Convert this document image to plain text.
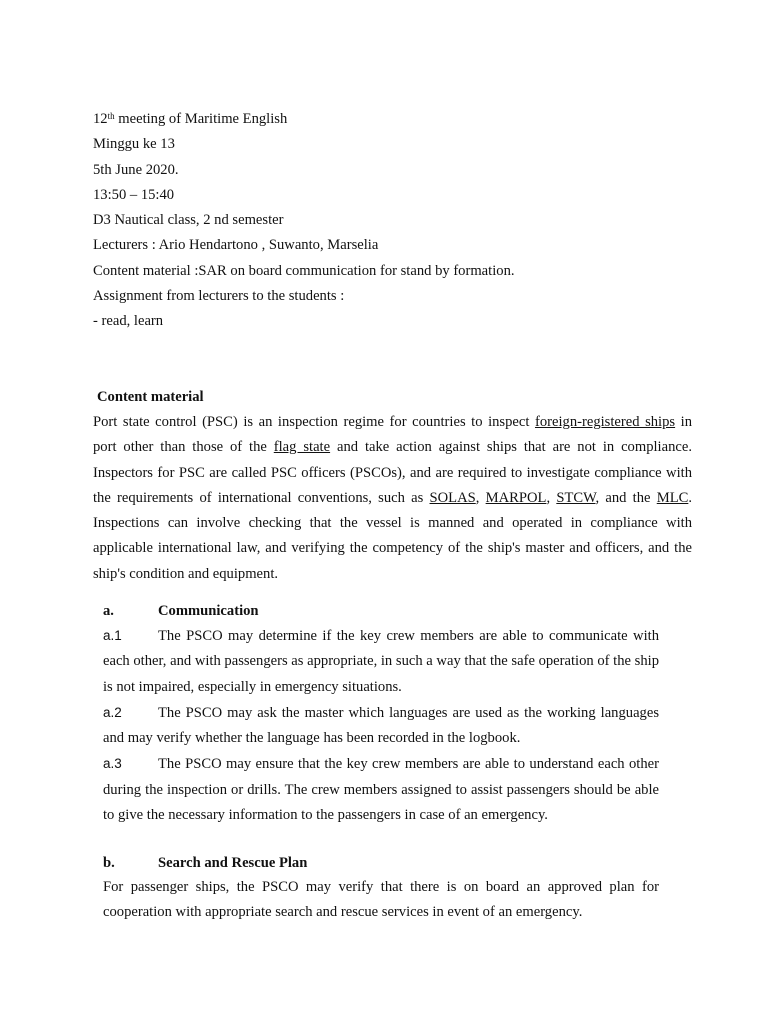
12th meeting of Maritime English
Minggu ke 13
5th June 2020.
13:50 – 15:40
D3 Nautical class, 2 nd semester
Lecturers : Ario Hendartono , Suwanto, Marselia
Content material :SAR on board communication for stand by formation.
Assignment from lecturers to the students :
- read, learn
Content material

Port state control (PSC) is an inspection regime for countries to inspect foreign-registered ships in port other than those of the flag state and take action against ships that are not in compliance. Inspectors for PSC are called PSC officers (PSCOs), and are required to investigate compliance with the requirements of international conventions, such as SOLAS, MARPOL, STCW, and the MLC. Inspections can involve checking that the vessel is manned and operated in compliance with applicable international law, and verifying the competency of the ship's master and officers, and the ship's condition and equipment.

a.	Communication

a.1 The PSCO may determine if the key crew members are able to communicate with each other, and with passengers as appropriate, in such a way that the safe operation of the ship is not impaired, especially in emergency situations.

a.2 The PSCO may ask the master which languages are used as the working languages and may verify whether the language has been recorded in the logbook.

a.3 The PSCO may ensure that the key crew members are able to understand each other during the inspection or drills. The crew members assigned to assist passengers should be able to give the necessary information to the passengers in case of an emergency.

b.	Search and Rescue Plan

For passenger ships, the PSCO may verify that there is on board an approved plan for cooperation with appropriate search and rescue services in event of an emergency.
